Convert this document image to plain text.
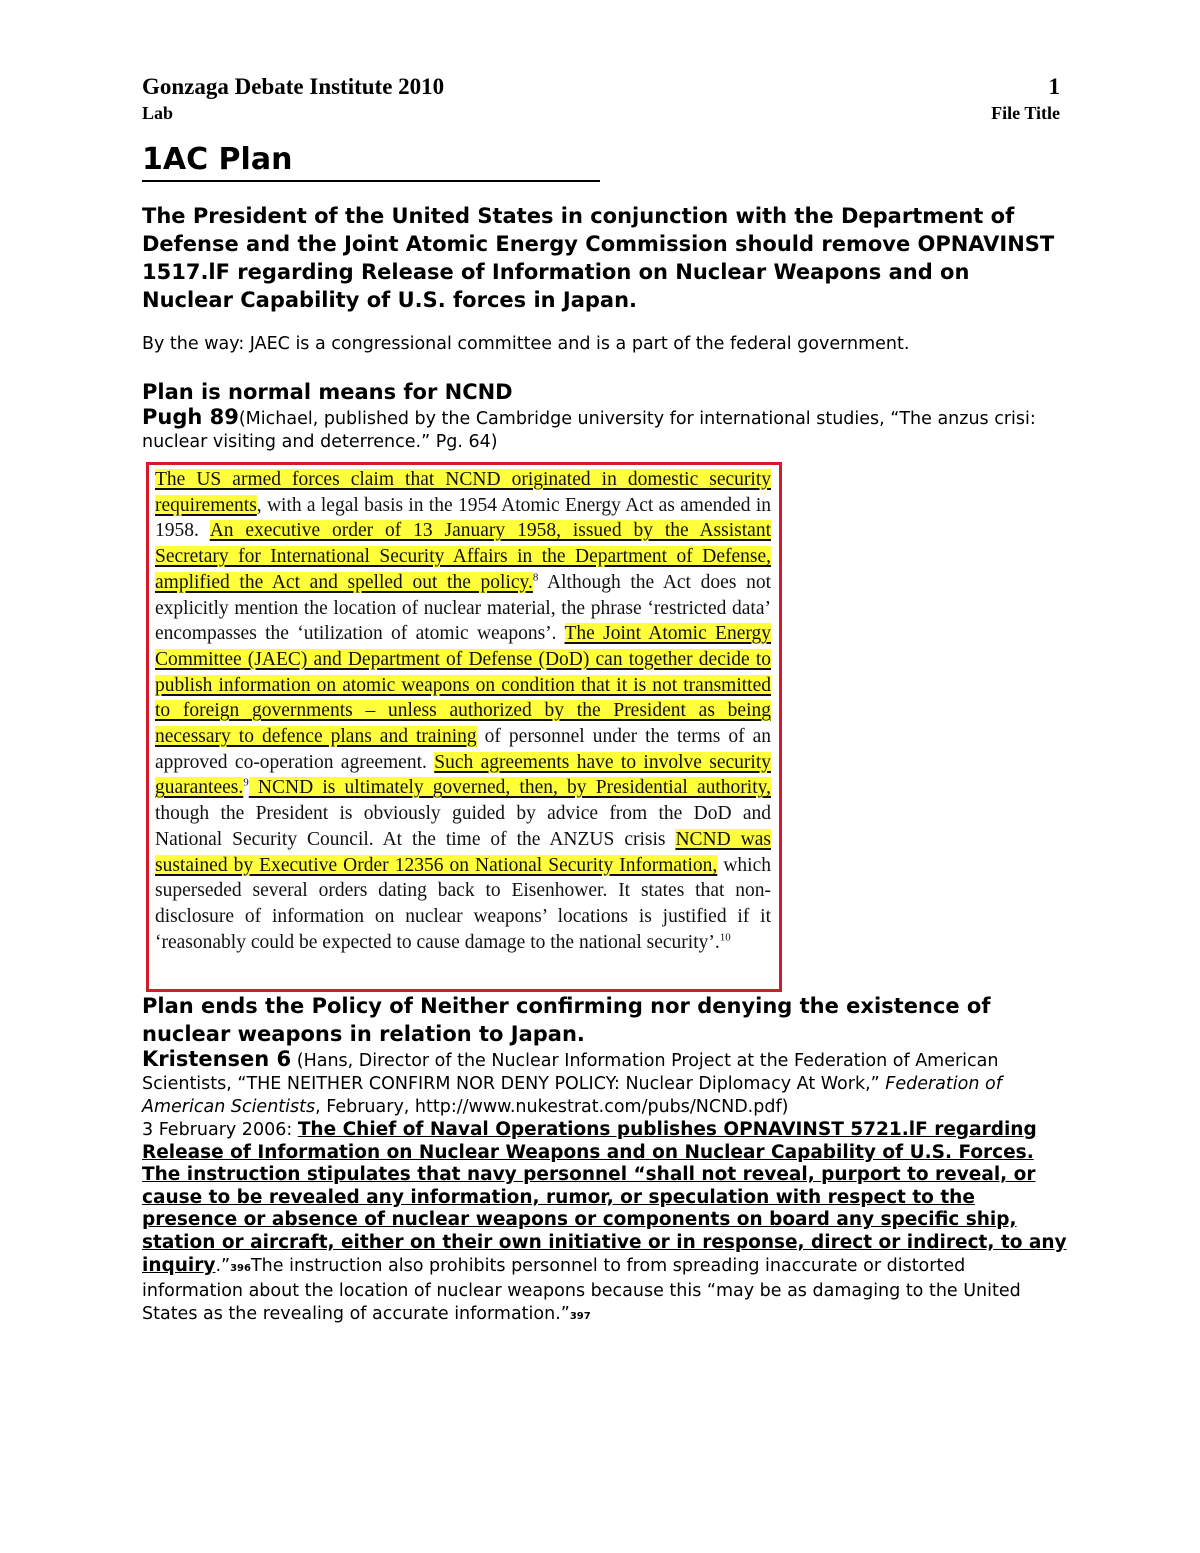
Gonzaga Debate Institute 2010	1
Lab	File Title
1AC Plan

The President of the United States in conjunction with the Department of Defense and the Joint Atomic Energy Commission should remove OPNAVINST 1517.lF regarding Release of Information on Nuclear Weapons and on Nuclear Capability of U.S. forces in Japan.

By the way: JAEC is a congressional committee and is a part of the federal government.

Plan is normal means for NCND

Pugh 89(Michael, published by the Cambridge university for international studies, “The anzus crisi: nuclear visiting and deterrence.” Pg. 64)

The US armed forces claim that NCND originated in domestic security requirements, with a legal basis in the 1954 Atomic Energy Act as amended in 1958. An executive order of 13 January 1958, issued by the Assistant Secretary for International Security Affairs in the Department of Defense, amplified the Act and spelled out the policy.$^8$ Although the Act does not explicitly mention the location of nuclear material, the phrase ‘restricted data’ encompasses the ‘utilization of atomic weapons’. The Joint Atomic Energy Committee (JAEC) and Department of Defense (DoD) can together decide to publish information on atomic weapons on condition that it is not transmitted to foreign governments – unless authorized by the President as being necessary to defence plans and training of personnel under the terms of an approved co-operation agreement. Such agreements have to involve security guarantees.$^9$ NCND is ultimately governed, then, by Presidential authority, though the President is obviously guided by advice from the DoD and National Security Council. At the time of the ANZUS crisis NCND was sustained by Executive Order 12356 on National Security Information, which superseded several orders dating back to Eisenhower. It states that non-disclosure of information on nuclear weapons’ locations is justified if it ‘reasonably could be expected to cause damage to the national security’.$^{10}$

Plan ends the Policy of Neither confirming nor denying the existence of nuclear weapons in relation to Japan.

Kristensen 6 (Hans, Director of the Nuclear Information Project at the Federation of American Scientists, “THE NEITHER CONFIRM NOR DENY POLICY: Nuclear Diplomacy At Work,” Federation of American Scientists, February, http://www.nukestrat.com/pubs/NCND.pdf)

3 February 2006: The Chief of Naval Operations publishes OPNAVINST 5721.lF regarding Release of Information on Nuclear Weapons and on Nuclear Capability of U.S. Forces. The instruction stipulates that navy personnel “shall not reveal, purport to reveal, or cause to be revealed any information, rumor, or speculation with respect to the presence or absence of nuclear weapons or components on board any specific ship, station or aircraft, either on their own initiative or in response, direct or indirect, to any inquiry.”396The instruction also prohibits personnel to from spreading inaccurate or distorted information about the location of nuclear weapons because this “may be as damaging to the United States as the revealing of accurate information.”397
